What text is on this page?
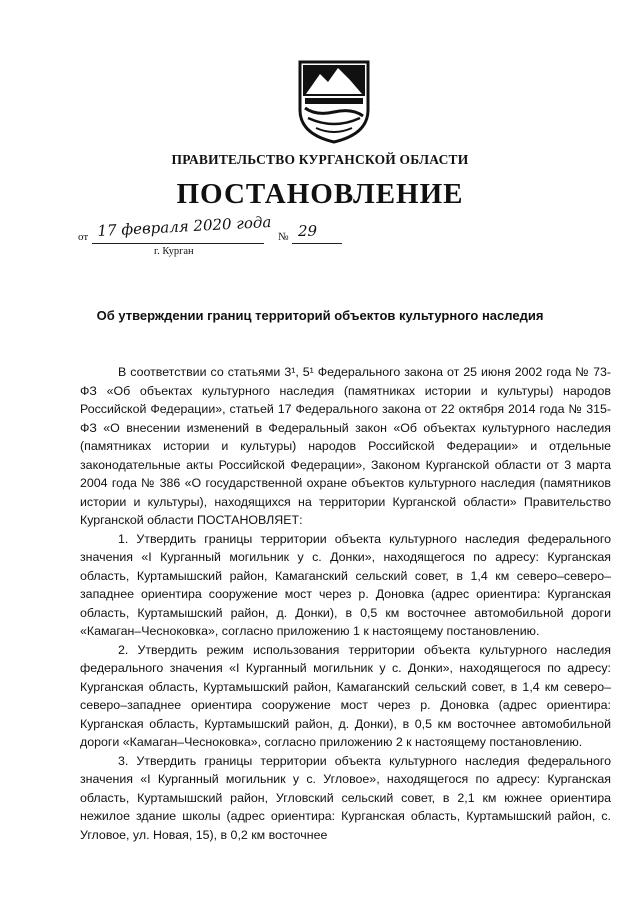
ПРАВИТЕЛЬСТВО КУРГАНСКОЙ ОБЛАСТИ
ПОСТАНОВЛЕНИЕ
от 17 февраля 2020 года № 29
г. Курган
Об утверждении границ территорий объектов культурного наследия

В соответствии со статьями 3¹, 5¹ Федерального закона от 25 июня 2002 года № 73-ФЗ «Об объектах культурного наследия (памятниках истории и культуры) народов Российской Федерации», статьей 17 Федерального закона от 22 октября 2014 года № 315-ФЗ «О внесении изменений в Федеральный закон «Об объектах культурного наследия (памятниках истории и культуры) народов Российской Федерации» и отдельные законодательные акты Российской Федерации», Законом Курганской области от 3 марта 2004 года № 386 «О государственной охране объектов культурного наследия (памятников истории и культуры), находящихся на территории Курганской области» Правительство Курганской области ПОСТАНОВЛЯЕТ:

1. Утвердить границы территории объекта культурного наследия федерального значения «I Курганный могильник у с. Донки», находящегося по адресу: Курганская область, Куртамышский район, Камаганский сельский совет, в 1,4 км северо–северо–западнее ориентира сооружение мост через р. Доновка (адрес ориентира: Курганская область, Куртамышский район, д. Донки), в 0,5 км восточнее автомобильной дороги «Камаган–Чесноковка», согласно приложению 1 к настоящему постановлению.

2. Утвердить режим использования территории объекта культурного наследия федерального значения «I Курганный могильник у с. Донки», находящегося по адресу: Курганская область, Куртамышский район, Камаганский сельский совет, в 1,4 км северо–северо–западнее ориентира сооружение мост через р. Доновка (адрес ориентира: Курганская область, Куртамышский район, д. Донки), в 0,5 км восточнее автомобильной дороги «Камаган–Чесноковка», согласно приложению 2 к настоящему постановлению.

3. Утвердить границы территории объекта культурного наследия федерального значения «I Курганный могильник у с. Угловое», находящегося по адресу: Курганская область, Куртамышский район, Угловский сельский совет, в 2,1 км южнее ориентира нежилое здание школы (адрес ориентира: Курганская область, Куртамышский район, с. Угловое, ул. Новая, 15), в 0,2 км восточнее
